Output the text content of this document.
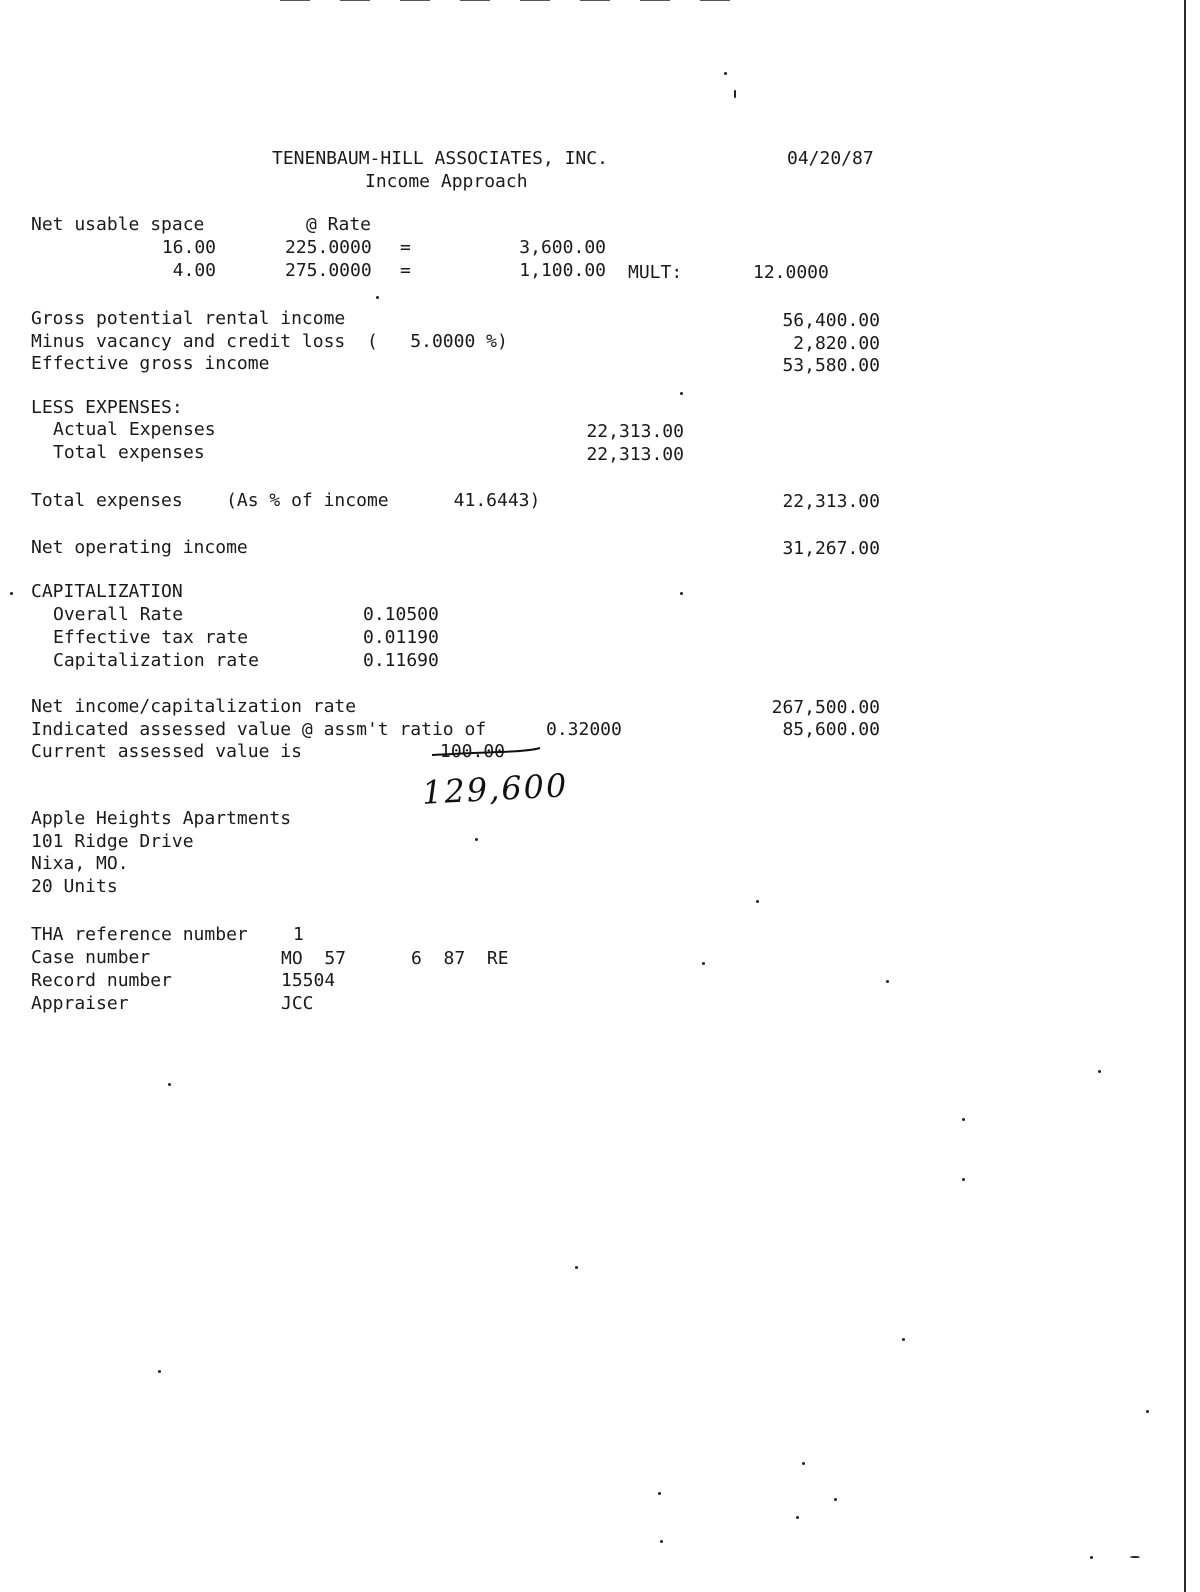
TENENBAUM-HILL ASSOCIATES, INC.
Income Approach
04/20/87
Net usable space	@ Rate
16.00	225.0000 =	3,600.00
4.00	275.0000 =	1,100.00 MULT:	12.0000
Gross potential rental income	56,400.00
Minus vacancy and credit loss  (   5.0000 %)	2,820.00
Effective gross income	53,580.00
LESS EXPENSES:
Actual Expenses	22,313.00
Total expenses	22,313.00
Total expenses    (As % of income      41.6443)	22,313.00
Net operating income	31,267.00
CAPITALIZATION
Overall Rate	0.10500
Effective tax rate	0.01190
Capitalization rate	0.11690
Net income/capitalization rate	267,500.00
Indicated assessed value @ assm't ratio of	0.32000	85,600.00
Current assessed value is	100.00
129,600
Apple Heights Apartments
101 Ridge Drive
Nixa, MO.
20 Units
THA reference number	1
Case number	MO  57      6  87  RE
Record number	15504
Appraiser	JCC
